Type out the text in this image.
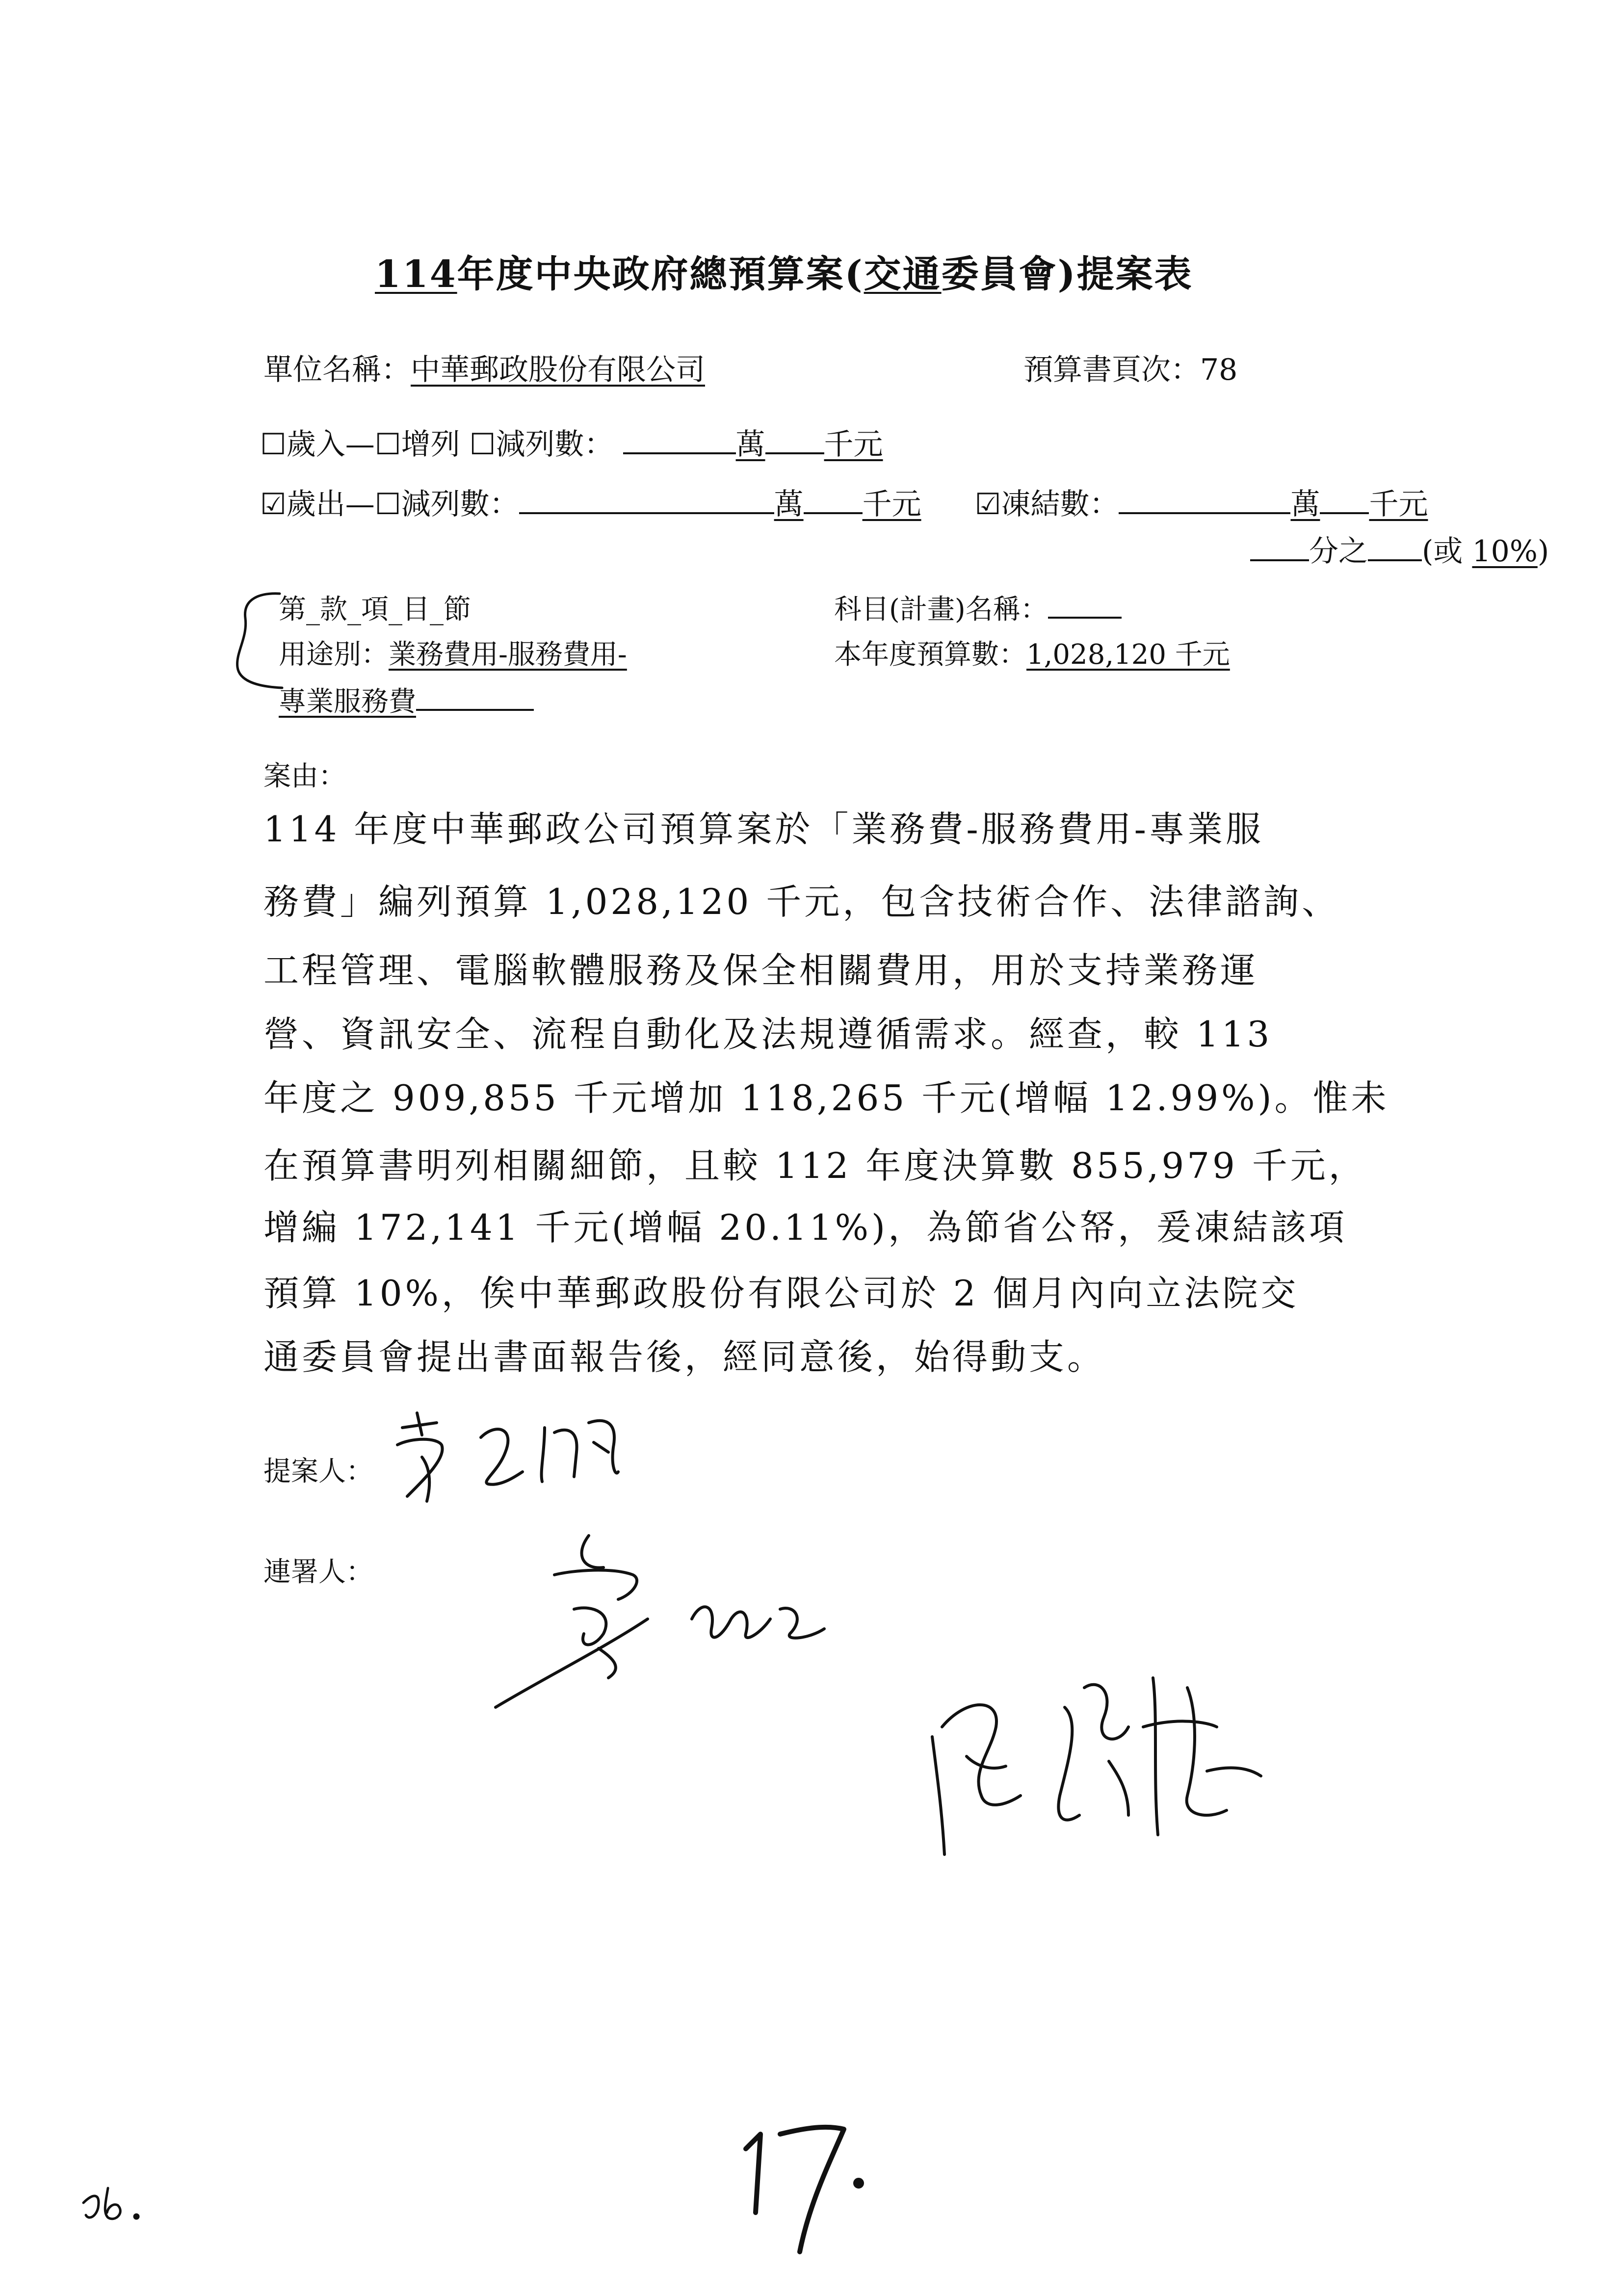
114年度中央政府總預算案(交通委員會)提案表
單位名稱：中華郵政股份有限公司	預算書頁次：78
☐歲入—☐增列 ☐減列數：	萬 千元
☑歲出—☐減列數：	萬 千元 ☑凍結數：	萬 千元
分之 (或 10%)
第_款_項_目_節
用途別：業務費用-服務費用-
專業服務費
科目(計畫)名稱：
本年度預算數：1,028,120 千元
案由：
114 年度中華郵政公司預算案於「業務費-服務費用-專業服
務費」編列預算 1,028,120 千元，包含技術合作、法律諮詢、
工程管理、電腦軟體服務及保全相關費用，用於支持業務運
營、資訊安全、流程自動化及法規遵循需求。經查，較 113
年度之 909,855 千元增加 118,265 千元(增幅 12.99%)。惟未
在預算書明列相關細節，且較 112 年度決算數 855,979 千元，
增編 172,141 千元(增幅 20.11%)，為節省公帑，爰凍結該項
預算 10%，俟中華郵政股份有限公司於 2 個月內向立法院交
通委員會提出書面報告後，經同意後，始得動支。
提案人：
連署人：
